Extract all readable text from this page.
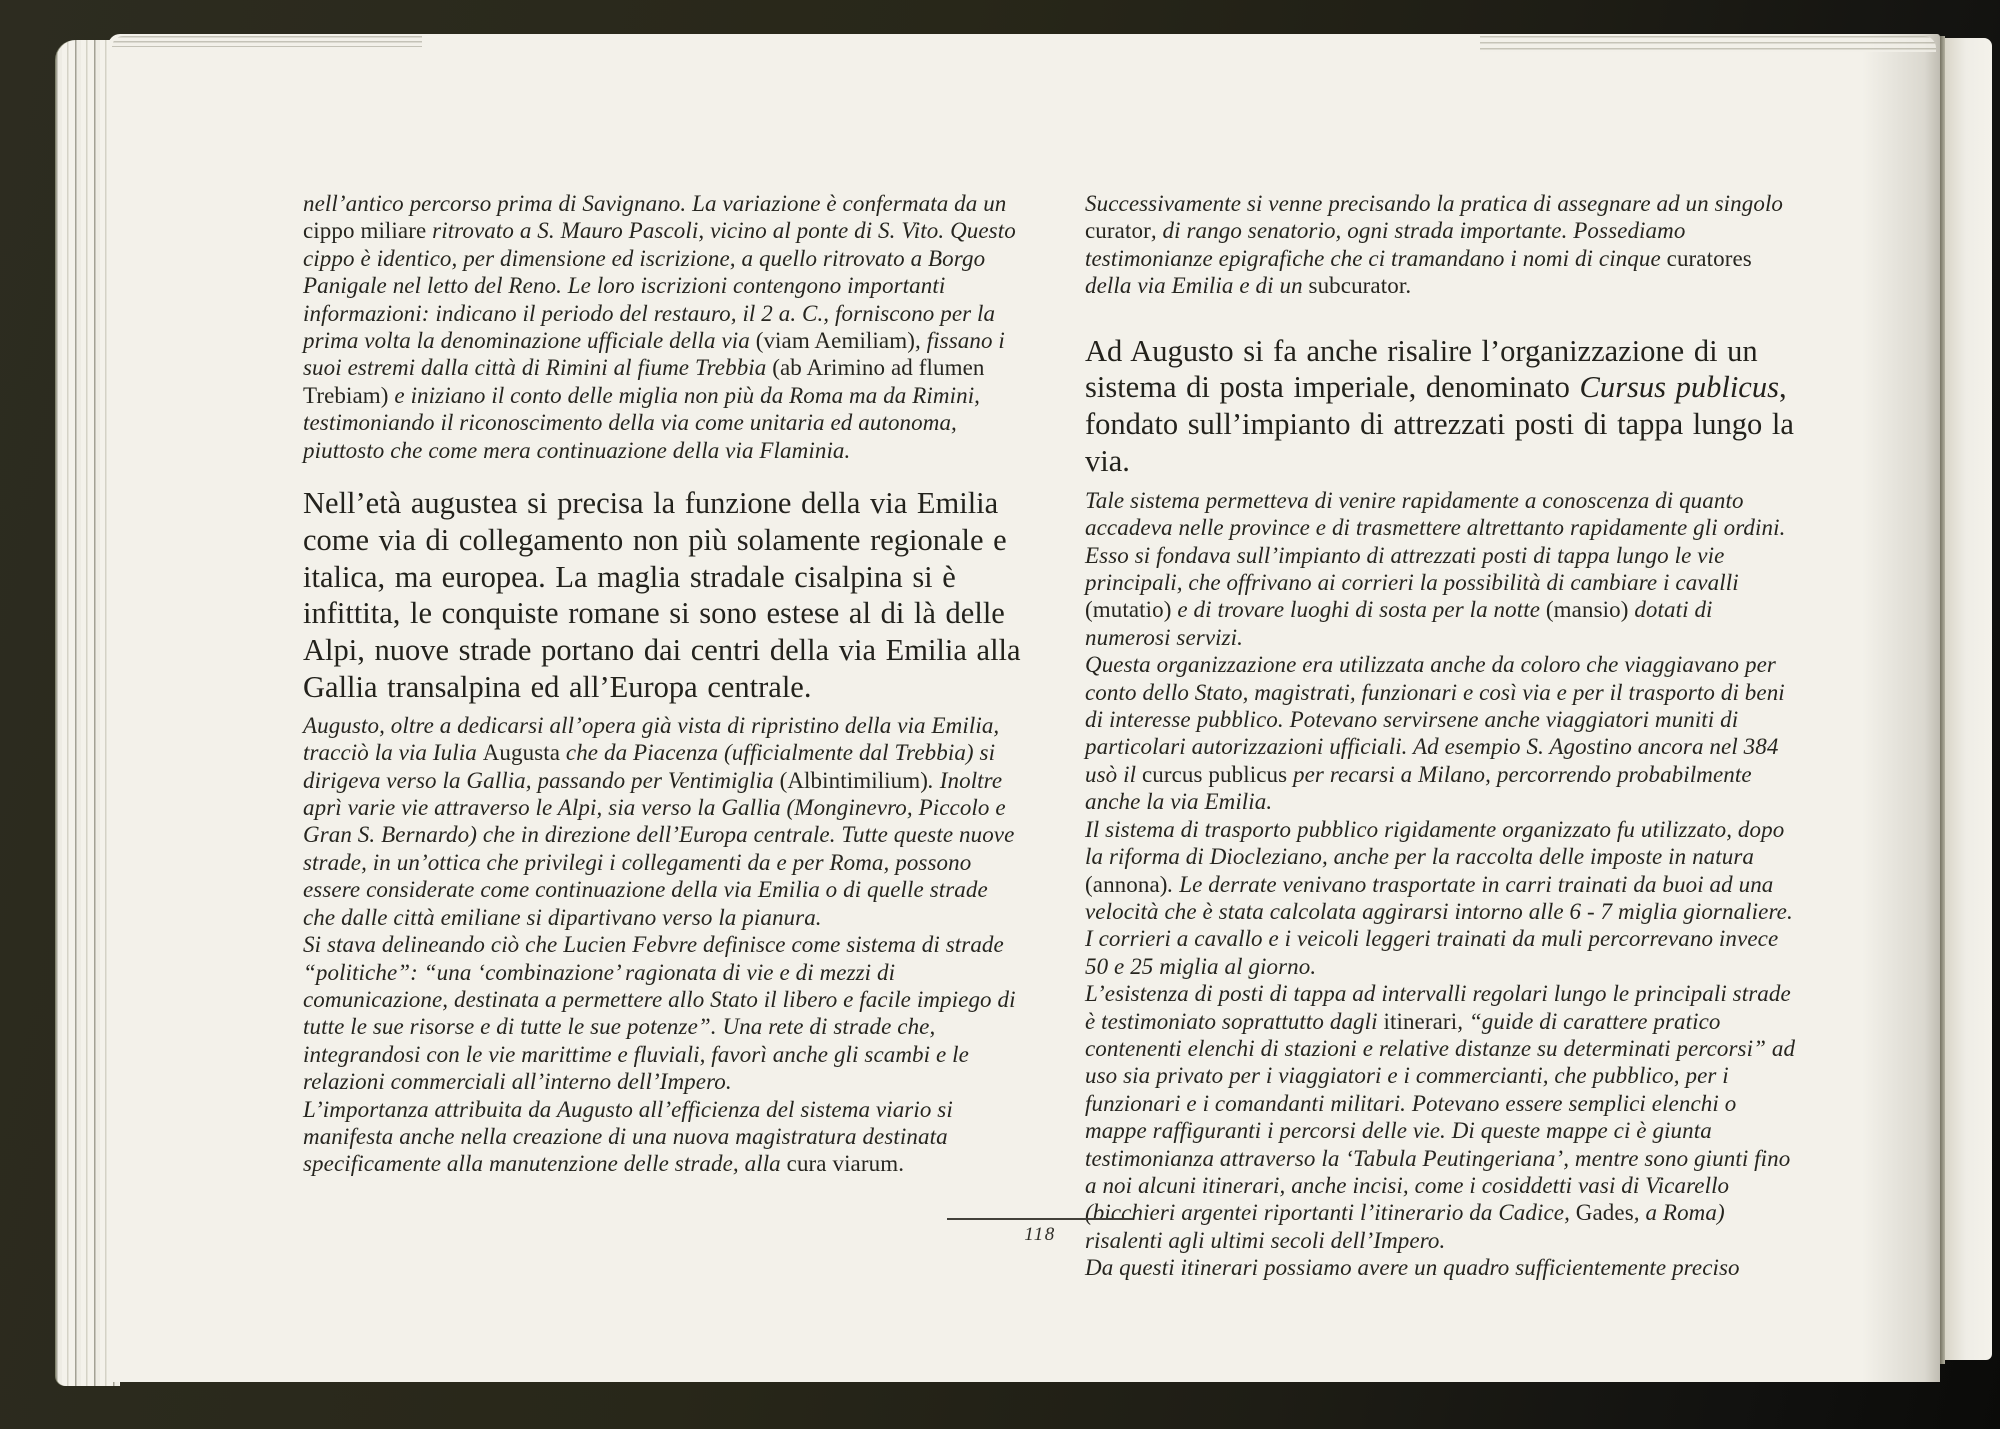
nell’antico percorso prima di Savignano. La variazione è confermata da un cippo miliare ritrovato a S. Mauro Pascoli, vicino al ponte di S. Vito. Questo cippo è identico, per dimensione ed iscrizione, a quello ritrovato a Borgo Panigale nel letto del Reno. Le loro iscrizioni contengono importanti informazioni: indicano il periodo del restauro, il 2 a. C., forniscono per la prima volta la denominazione ufficiale della via (viam Aemiliam), fissano i suoi estremi dalla città di Rimini al fiume Trebbia (ab Arimino ad flumen Trebiam) e iniziano il conto delle miglia non più da Roma ma da Rimini, testimoniando il riconoscimento della via come unitaria ed autonoma, piuttosto che come mera continuazione della via Flaminia.

Nell’età augustea si precisa la funzione della via Emilia come via di collegamento non più solamente regionale e italica, ma europea. La maglia stradale cisalpina si è infittita, le conquiste romane si sono estese al di là delle Alpi, nuove strade portano dai centri della via Emilia alla Gallia transalpina ed all’Europa centrale.

Augusto, oltre a dedicarsi all’opera già vista di ripristino della via Emilia, tracciò la via Iulia Augusta che da Piacenza (ufficialmente dal Trebbia) si dirigeva verso la Gallia, passando per Ventimiglia (Albintimilium). Inoltre aprì varie vie attraverso le Alpi, sia verso la Gallia (Monginevro, Piccolo e Gran S. Bernardo) che in direzione dell’Europa centrale. Tutte queste nuove strade, in un’ottica che privilegi i collegamenti da e per Roma, possono essere considerate come continuazione della via Emilia o di quelle strade che dalle città emiliane si dipartivano verso la pianura.

Si stava delineando ciò che Lucien Febvre definisce come sistema di strade “politiche”: “una ‘combinazione’ ragionata di vie e di mezzi di comunicazione, destinata a permettere allo Stato il libero e facile impiego di tutte le sue risorse e di tutte le sue potenze”. Una rete di strade che, integrandosi con le vie marittime e fluviali, favorì anche gli scambi e le relazioni commerciali all’interno dell’Impero.

L’importanza attribuita da Augusto all’efficienza del sistema viario si manifesta anche nella creazione di una nuova magistratura destinata specificamente alla manutenzione delle strade, alla cura viarum.

Successivamente si venne precisando la pratica di assegnare ad un singolo curator, di rango senatorio, ogni strada importante. Possediamo testimonianze epigrafiche che ci tramandano i nomi di cinque curatores della via Emilia e di un subcurator.

Ad Augusto si fa anche risalire l’organizzazione di un sistema di posta imperiale, denominato Cursus publicus, fondato sull’impianto di attrezzati posti di tappa lungo la via.

Tale sistema permetteva di venire rapidamente a conoscenza di quanto accadeva nelle province e di trasmettere altrettanto rapidamente gli ordini. Esso si fondava sull’impianto di attrezzati posti di tappa lungo le vie principali, che offrivano ai corrieri la possibilità di cambiare i cavalli (mutatio) e di trovare luoghi di sosta per la notte (mansio) dotati di numerosi servizi.

Questa organizzazione era utilizzata anche da coloro che viaggiavano per conto dello Stato, magistrati, funzionari e così via e per il trasporto di beni di interesse pubblico. Potevano servirsene anche viaggiatori muniti di particolari autorizzazioni ufficiali. Ad esempio S. Agostino ancora nel 384 usò il curcus publicus per recarsi a Milano, percorrendo probabilmente anche la via Emilia.

Il sistema di trasporto pubblico rigidamente organizzato fu utilizzato, dopo la riforma di Diocleziano, anche per la raccolta delle imposte in natura (annona). Le derrate venivano trasportate in carri trainati da buoi ad una velocità che è stata calcolata aggirarsi intorno alle 6 - 7 miglia giornaliere. I corrieri a cavallo e i veicoli leggeri trainati da muli percorrevano invece 50 e 25 miglia al giorno.

L’esistenza di posti di tappa ad intervalli regolari lungo le principali strade è testimoniato soprattutto dagli itinerari, “guide di carattere pratico contenenti elenchi di stazioni e relative distanze su determinati percorsi” ad uso sia privato per i viaggiatori e i commercianti, che pubblico, per i funzionari e i comandanti militari. Potevano essere semplici elenchi o mappe raffiguranti i percorsi delle vie. Di queste mappe ci è giunta testimonianza attraverso la ‘Tabula Peutingeriana’, mentre sono giunti fino a noi alcuni itinerari, anche incisi, come i cosiddetti vasi di Vicarello (bicchieri argentei riportanti l’itinerario da Cadice, Gades, a Roma) risalenti agli ultimi secoli dell’Impero.

Da questi itinerari possiamo avere un quadro sufficientemente preciso

118
